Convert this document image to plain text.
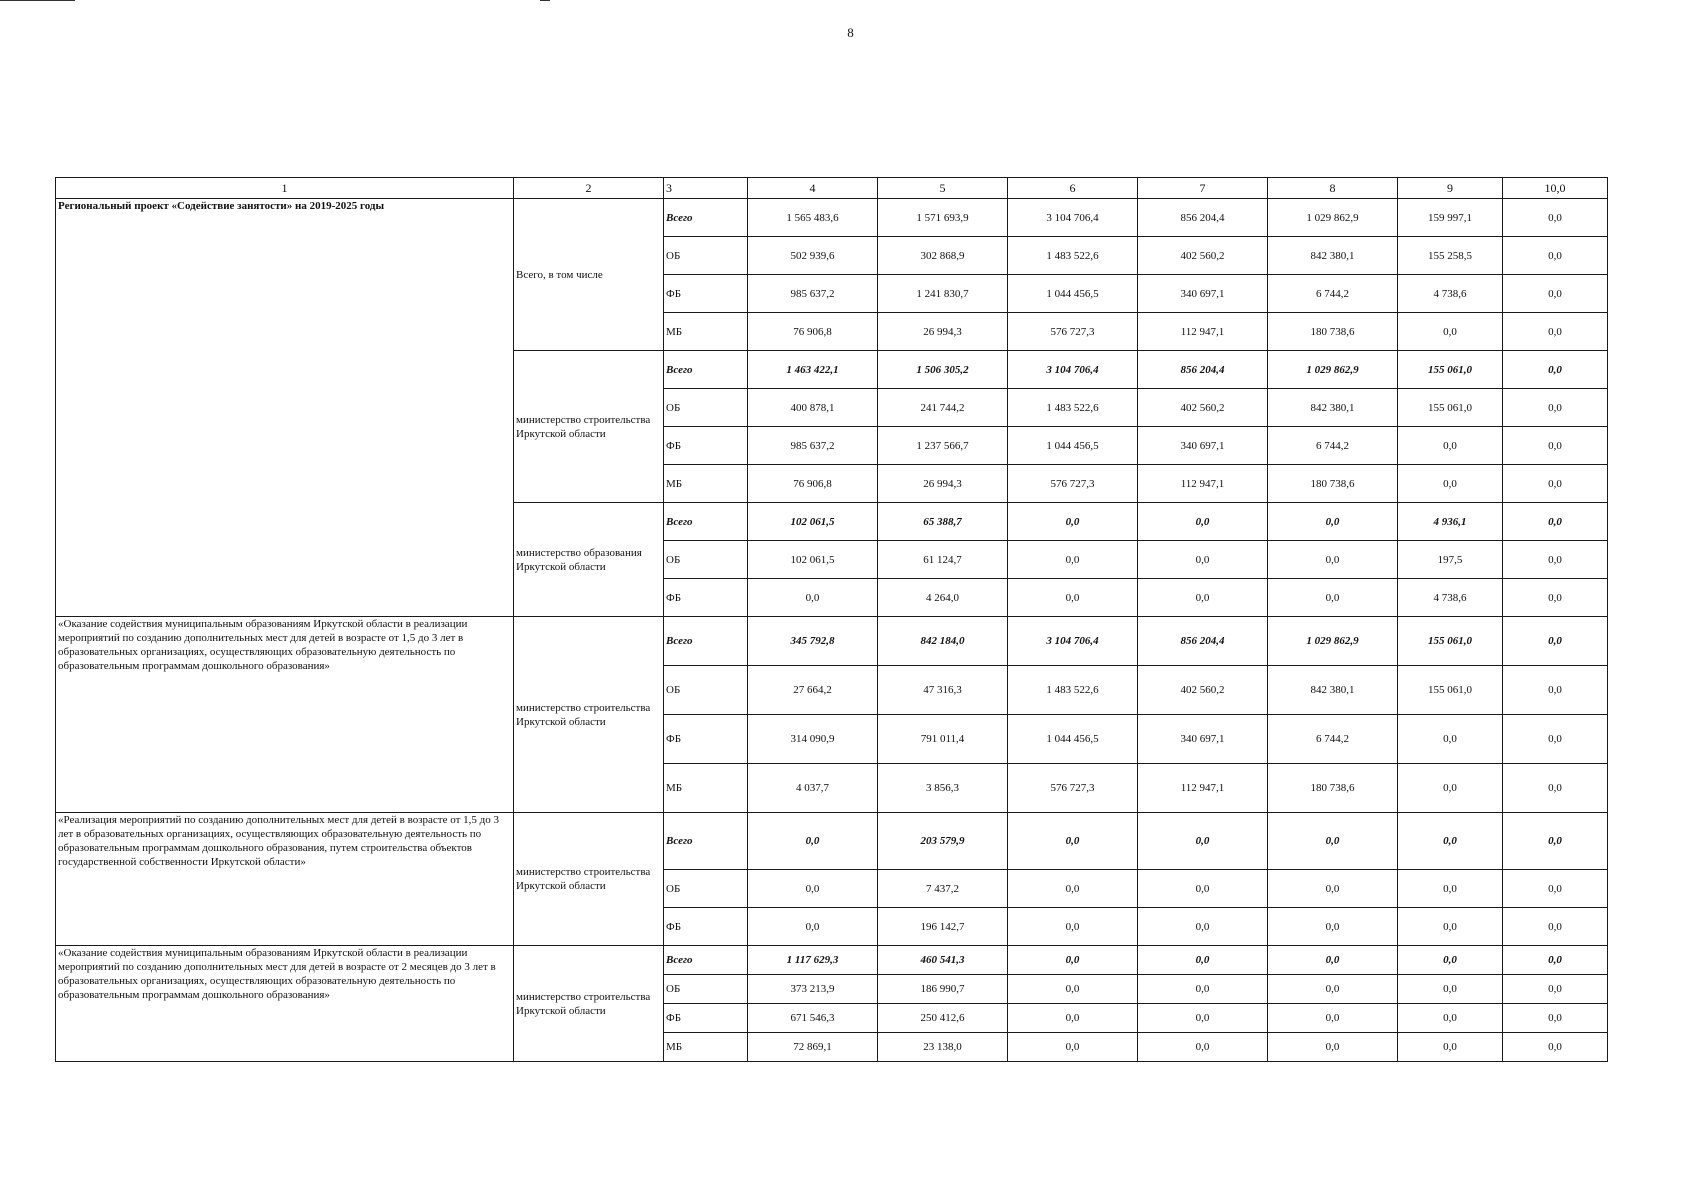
8
1	2	3	4	5	6	7	8	9	10,0
Региональный проект «Содействие занятости» на 2019-2025 годы	Всего, в том числе	Всего	1 565 483,6	1 571 693,9	3 104 706,4	856 204,4	1 029 862,9	159 997,1	0,0
		ОБ	502 939,6	302 868,9	1 483 522,6	402 560,2	842 380,1	155 258,5	0,0
		ФБ	985 637,2	1 241 830,7	1 044 456,5	340 697,1	6 744,2	4 738,6	0,0
		МБ	76 906,8	26 994,3	576 727,3	112 947,1	180 738,6	0,0	0,0
	министерство строительства Иркутской области	Всего	1 463 422,1	1 506 305,2	3 104 706,4	856 204,4	1 029 862,9	155 061,0	0,0
		ОБ	400 878,1	241 744,2	1 483 522,6	402 560,2	842 380,1	155 061,0	0,0
		ФБ	985 637,2	1 237 566,7	1 044 456,5	340 697,1	6 744,2	0,0	0,0
		МБ	76 906,8	26 994,3	576 727,3	112 947,1	180 738,6	0,0	0,0
	министерство образования Иркутской области	Всего	102 061,5	65 388,7	0,0	0,0	0,0	4 936,1	0,0
		ОБ	102 061,5	61 124,7	0,0	0,0	0,0	197,5	0,0
		ФБ	0,0	4 264,0	0,0	0,0	0,0	4 738,6	0,0
«Оказание содействия муниципальным образованиям Иркутской области в реализации мероприятий по созданию дополнительных мест для детей в возрасте от 1,5 до 3 лет в образовательных организациях, осуществляющих образовательную деятельность по образовательным программам дошкольного образования»	министерство строительства Иркутской области	Всего	345 792,8	842 184,0	3 104 706,4	856 204,4	1 029 862,9	155 061,0	0,0
		ОБ	27 664,2	47 316,3	1 483 522,6	402 560,2	842 380,1	155 061,0	0,0
		ФБ	314 090,9	791 011,4	1 044 456,5	340 697,1	6 744,2	0,0	0,0
		МБ	4 037,7	3 856,3	576 727,3	112 947,1	180 738,6	0,0	0,0
«Реализация мероприятий по созданию дополнительных мест для детей в возрасте от 1,5 до 3 лет в образовательных организациях, осуществляющих образовательную деятельность по образовательным программам дошкольного образования, путем строительства объектов государственной собственности Иркутской области»	министерство строительства Иркутской области	Всего	0,0	203 579,9	0,0	0,0	0,0	0,0	0,0
		ОБ	0,0	7 437,2	0,0	0,0	0,0	0,0	0,0
		ФБ	0,0	196 142,7	0,0	0,0	0,0	0,0	0,0
«Оказание содействия муниципальным образованиям Иркутской области в реализации мероприятий по созданию дополнительных мест для детей в возрасте от 2 месяцев до 3 лет в образовательных организациях, осуществляющих образовательную деятельность по образовательным программам дошкольного образования»	министерство строительства Иркутской области	Всего	1 117 629,3	460 541,3	0,0	0,0	0,0	0,0	0,0
		ОБ	373 213,9	186 990,7	0,0	0,0	0,0	0,0	0,0
		ФБ	671 546,3	250 412,6	0,0	0,0	0,0	0,0	0,0
		МБ	72 869,1	23 138,0	0,0	0,0	0,0	0,0	0,0
